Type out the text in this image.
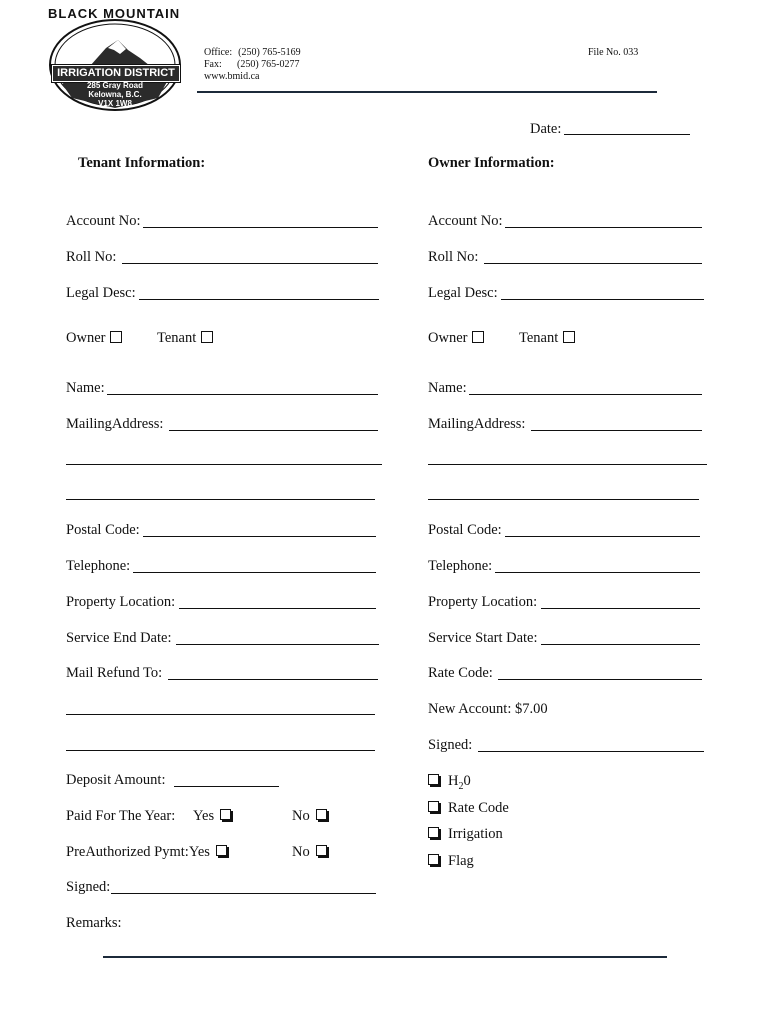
BLACK MOUNTAIN
IRRIGATION DISTRICT
285 Gray Road
Kelowna, B.C.
V1X 1W8
Office: (250) 765-5169
Fax: (250) 765-0277
www.bmid.ca
File No. 033
Date:
Tenant Information:	Owner Information:
Account No:
Roll No:
Legal Desc:
Owner	Tenant
Name:
MailingAddress:
Postal Code:
Telephone:
Property Location:
Service End Date:
Mail Refund To:
Deposit Amount:
Paid For The Year: Yes	No
PreAuthorized Pymt:Yes	No
Signed:
Remarks:
Account No:
Roll No:
Legal Desc:
Owner	Tenant
Name:
MailingAddress:
Postal Code:
Telephone:
Property Location:
Service Start Date:
Rate Code:
New Account: $7.00
Signed:
$H_20$
Rate Code
Irrigation
Flag
